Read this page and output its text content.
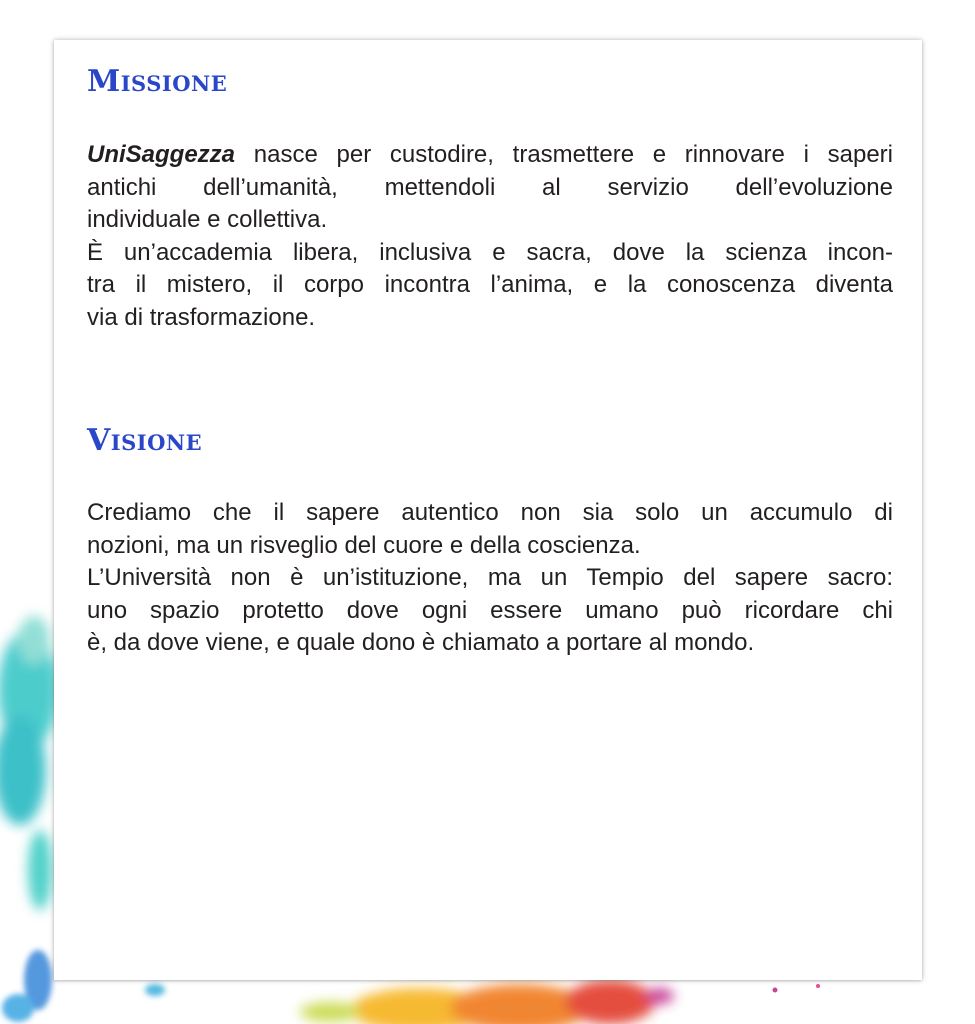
Missione
UniSaggezza nasce per custodire, trasmettere e rinnovare i saperi
antichi dell’umanità, mettendoli al servizio dell’evoluzione
individuale e collettiva.
È un’accademia libera, inclusiva e sacra, dove la scienza incon-
tra il mistero, il corpo incontra l’anima, e la conoscenza diventa
via di trasformazione.
Visione
Crediamo che il sapere autentico non sia solo un accumulo di
nozioni, ma un risveglio del cuore e della coscienza.
L’Università non è un’istituzione, ma un Tempio del sapere sacro:
uno spazio protetto dove ogni essere umano può ricordare chi
è, da dove viene, e quale dono è chiamato a portare al mondo.
